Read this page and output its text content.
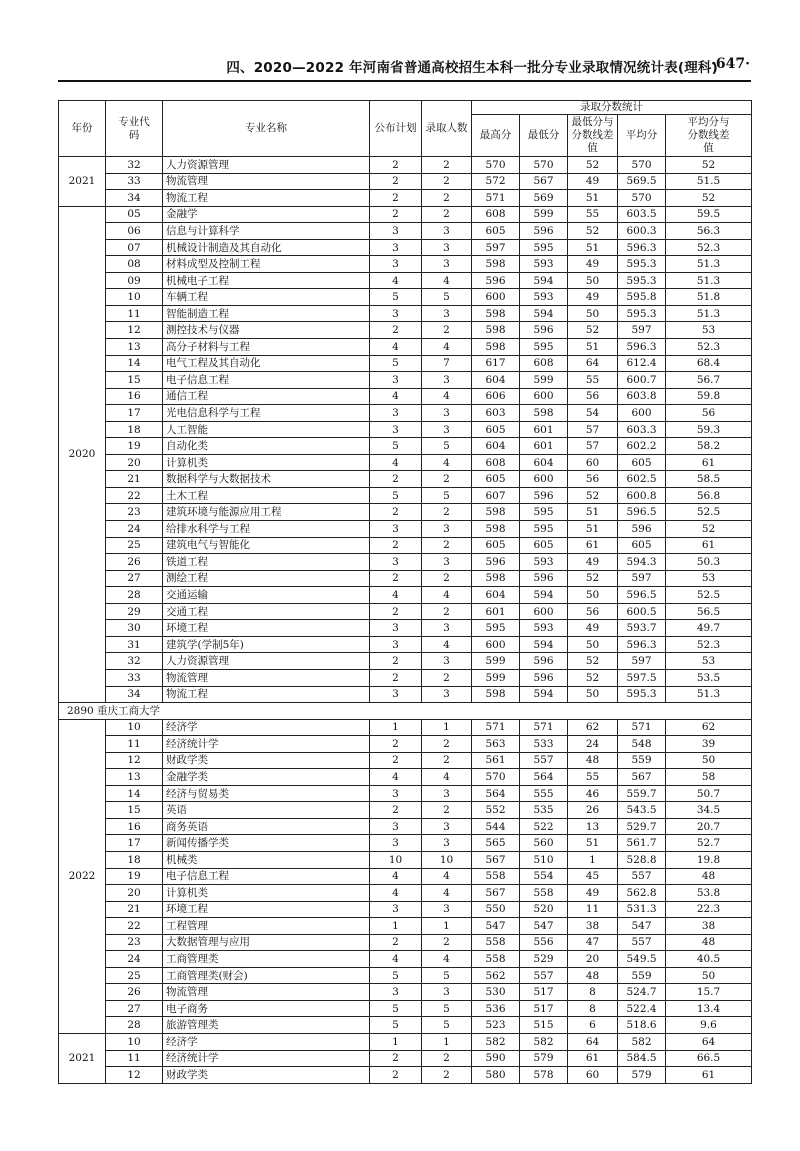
四、2020—2022 年河南省普通高校招生本科一批分专业录取情况统计表(理科)
·647·
年份	专业代码	专业名称	公布计划	录取人数	录取分数统计				
					最高分	最低分	最低分与分数线差值	平均分	平均分与分数线差值
2021	32	人力资源管理	2	2	570	570	52	570	52
	33	物流管理	2	2	572	567	49	569.5	51.5
	34	物流工程	2	2	571	569	51	570	52
2020	05	金融学	2	2	608	599	55	603.5	59.5
	06	信息与计算科学	3	3	605	596	52	600.3	56.3
	07	机械设计制造及其自动化	3	3	597	595	51	596.3	52.3
	08	材料成型及控制工程	3	3	598	593	49	595.3	51.3
	09	机械电子工程	4	4	596	594	50	595.3	51.3
	10	车辆工程	5	5	600	593	49	595.8	51.8
	11	智能制造工程	3	3	598	594	50	595.3	51.3
	12	测控技术与仪器	2	2	598	596	52	597	53
	13	高分子材料与工程	4	4	598	595	51	596.3	52.3
	14	电气工程及其自动化	5	7	617	608	64	612.4	68.4
	15	电子信息工程	3	3	604	599	55	600.7	56.7
	16	通信工程	4	4	606	600	56	603.8	59.8
	17	光电信息科学与工程	3	3	603	598	54	600	56
	18	人工智能	3	3	605	601	57	603.3	59.3
	19	自动化类	5	5	604	601	57	602.2	58.2
	20	计算机类	4	4	608	604	60	605	61
	21	数据科学与大数据技术	2	2	605	600	56	602.5	58.5
	22	土木工程	5	5	607	596	52	600.8	56.8
	23	建筑环境与能源应用工程	2	2	598	595	51	596.5	52.5
	24	给排水科学与工程	3	3	598	595	51	596	52
	25	建筑电气与智能化	2	2	605	605	61	605	61
	26	铁道工程	3	3	596	593	49	594.3	50.3
	27	测绘工程	2	2	598	596	52	597	53
	28	交通运输	4	4	604	594	50	596.5	52.5
	29	交通工程	2	2	601	600	56	600.5	56.5
	30	环境工程	3	3	595	593	49	593.7	49.7
	31	建筑学(学制5年)	3	4	600	594	50	596.3	52.3
	32	人力资源管理	2	3	599	596	52	597	53
	33	物流管理	2	2	599	596	52	597.5	53.5
	34	物流工程	3	3	598	594	50	595.3	51.3
2890 重庆工商大学									
2022	10	经济学	1	1	571	571	62	571	62
	11	经济统计学	2	2	563	533	24	548	39
	12	财政学类	2	2	561	557	48	559	50
	13	金融学类	4	4	570	564	55	567	58
	14	经济与贸易类	3	3	564	555	46	559.7	50.7
	15	英语	2	2	552	535	26	543.5	34.5
	16	商务英语	3	3	544	522	13	529.7	20.7
	17	新闻传播学类	3	3	565	560	51	561.7	52.7
	18	机械类	10	10	567	510	1	528.8	19.8
	19	电子信息工程	4	4	558	554	45	557	48
	20	计算机类	4	4	567	558	49	562.8	53.8
	21	环境工程	3	3	550	520	11	531.3	22.3
	22	工程管理	1	1	547	547	38	547	38
	23	大数据管理与应用	2	2	558	556	47	557	48
	24	工商管理类	4	4	558	529	20	549.5	40.5
	25	工商管理类(财会)	5	5	562	557	48	559	50
	26	物流管理	3	3	530	517	8	524.7	15.7
	27	电子商务	5	5	536	517	8	522.4	13.4
	28	旅游管理类	5	5	523	515	6	518.6	9.6
2021	10	经济学	1	1	582	582	64	582	64
	11	经济统计学	2	2	590	579	61	584.5	66.5
	12	财政学类	2	2	580	578	60	579	61
